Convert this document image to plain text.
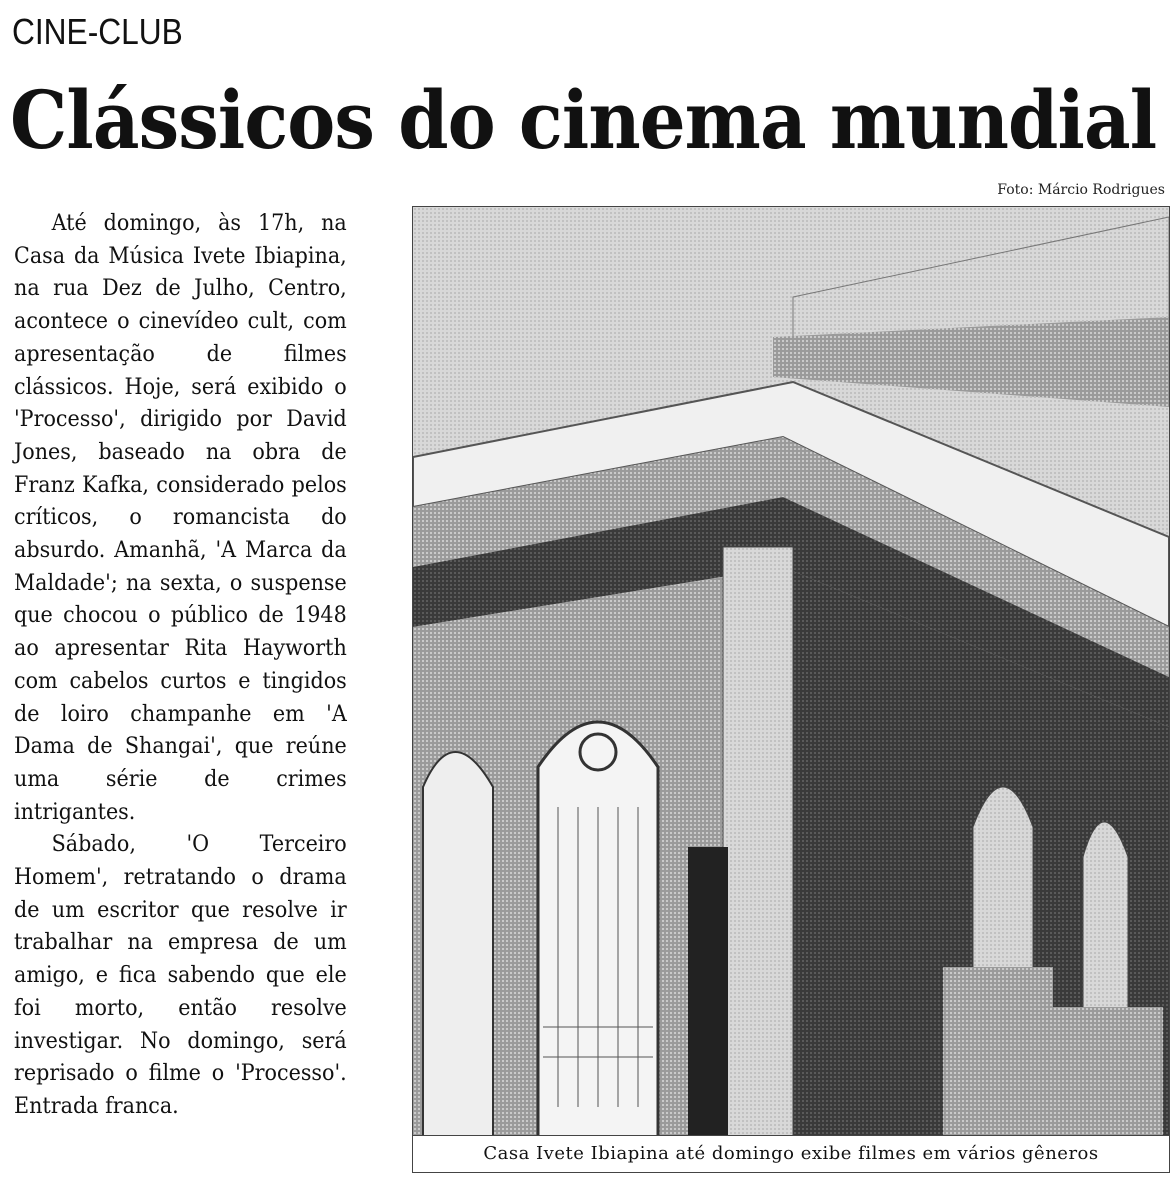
CINE-CLUB
Clássicos do cinema mundial

Até domingo, às 17h, na Casa da Música Ivete Ibiapina, na rua Dez de Julho, Centro, acontece o cinevídeo cult, com apresentação de filmes clássicos. Hoje, será exibido o 'Processo', dirigido por David Jones, baseado na obra de Franz Kafka, considerado pelos críticos, o romancista do absurdo. Amanhã, 'A Marca da Maldade'; na sexta, o suspense que chocou o público de 1948 ao apresentar Rita Hayworth com cabelos curtos e tingidos de loiro champanhe em 'A Dama de Shangai', que reúne uma série de crimes intrigantes.

Sábado, 'O Terceiro Homem', retratando o drama de um escritor que resolve ir trabalhar na empresa de um amigo, e fica sabendo que ele foi morto, então resolve investigar. No domingo, será reprisado o filme o 'Processo'. Entrada franca.

Foto: Márcio Rodrigues
Casa Ivete Ibiapina até domingo exibe filmes em vários gêneros
